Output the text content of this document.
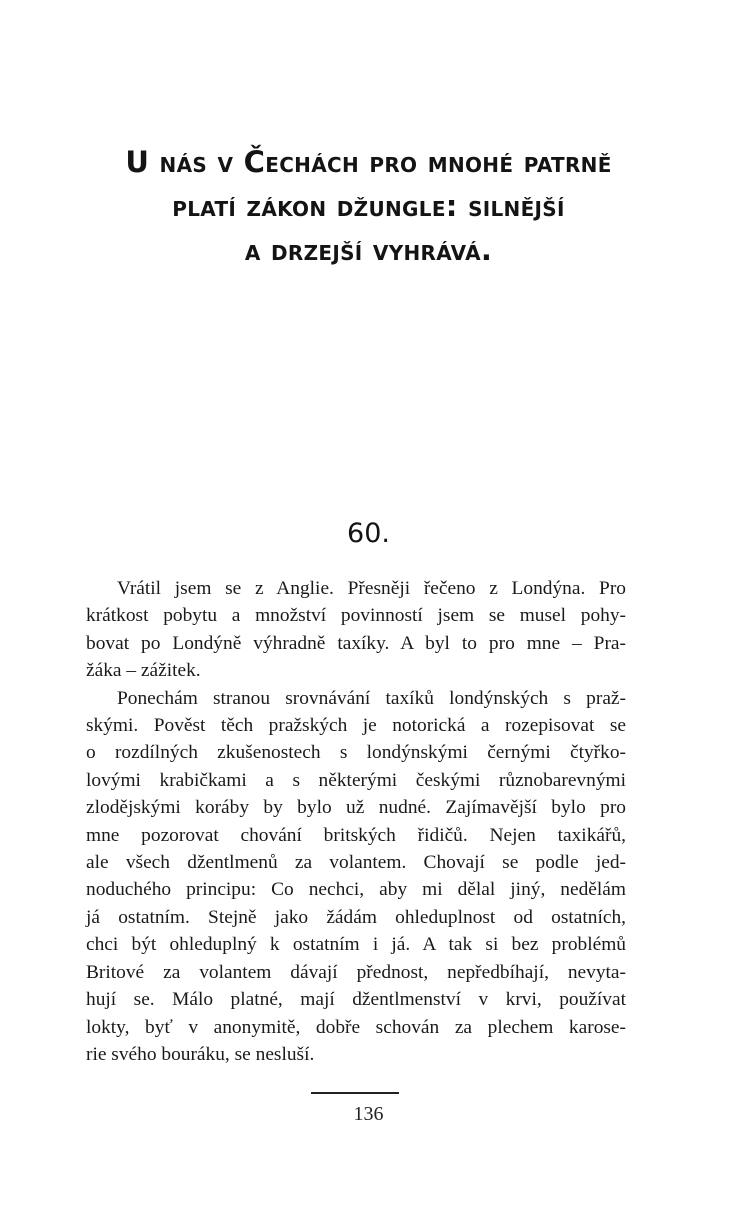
U nás v Čechách pro mnohé patrně
platí zákon džungle: silnější
a drzejší vyhrává.
60.
Vrátil jsem se z Anglie. Přesněji řečeno z Londýna. Pro
krátkost pobytu a množství povinností jsem se musel pohy-
bovat po Londýně výhradně taxíky. A byl to pro mne – Pra-
žáka – zážitek.
Ponechám stranou srovnávání taxíků londýnských s praž-
skými. Pověst těch pražských je notorická a rozepisovat se
o rozdílných zkušenostech s londýnskými černými čtyřko-
lovými krabičkami a s některými českými různobarevnými
zlodějskými koráby by bylo už nudné. Zajímavější bylo pro
mne pozorovat chování britských řidičů. Nejen taxikářů,
ale všech džentlmenů za volantem. Chovají se podle jed-
noduchého principu: Co nechci, aby mi dělal jiný, nedělám
já ostatním. Stejně jako žádám ohleduplnost od ostatních,
chci být ohleduplný k ostatním i já. A tak si bez problémů
Britové za volantem dávají přednost, nepředbíhají, nevyta-
hují se. Málo platné, mají džentlmenství v krvi, používat
lokty, byť v anonymitě, dobře schován za plechem karose-
rie svého bouráku, se nesluší.
136
